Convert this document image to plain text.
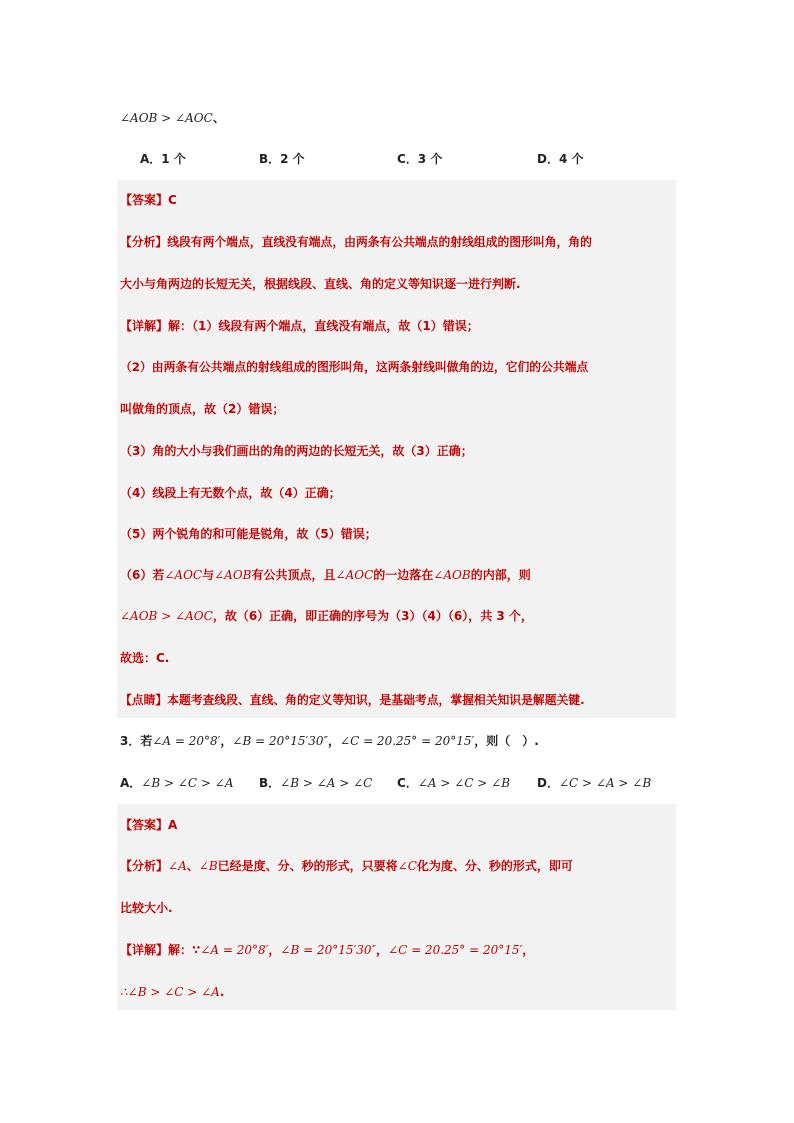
∠AOB > ∠AOC、
A．1 个	B．2 个	C．3 个	D．4 个
【答案】C
【分析】线段有两个端点，直线没有端点，由两条有公共端点的射线组成的图形叫角，角的
大小与角两边的长短无关，根据线段、直线、角的定义等知识逐一进行判断.
【详解】解：（1）线段有两个端点，直线没有端点，故（1）错误；
（2）由两条有公共端点的射线组成的图形叫角，这两条射线叫做角的边，它们的公共端点
叫做角的顶点，故（2）错误；
（3）角的大小与我们画出的角的两边的长短无关，故（3）正确；
（4）线段上有无数个点，故（4）正确；
（5）两个锐角的和可能是锐角，故（5）错误；
（6）若∠AOC与∠AOB有公共顶点，且∠AOC的一边落在∠AOB的内部，则
∠AOB > ∠AOC，故（6）正确，即正确的序号为（3）（4）（6），共 3 个，
故选：C.
【点睛】本题考查线段、直线、角的定义等知识，是基础考点，掌握相关知识是解题关键.
3．若∠A = 20°8′，∠B = 20°15′30″，∠C = 20.25° = 20°15′，则（　）.
A．∠B > ∠C > ∠A B．∠B > ∠A > ∠C C．∠A > ∠C > ∠B D．∠C > ∠A > ∠B
【答案】A
【分析】∠A、∠B已经是度、分、秒的形式，只要将∠C化为度、分、秒的形式，即可
比较大小.
【详解】解：∵∠A = 20°8′，∠B = 20°15′30″，∠C = 20.25° = 20°15′，
∴∠B > ∠C > ∠A.
